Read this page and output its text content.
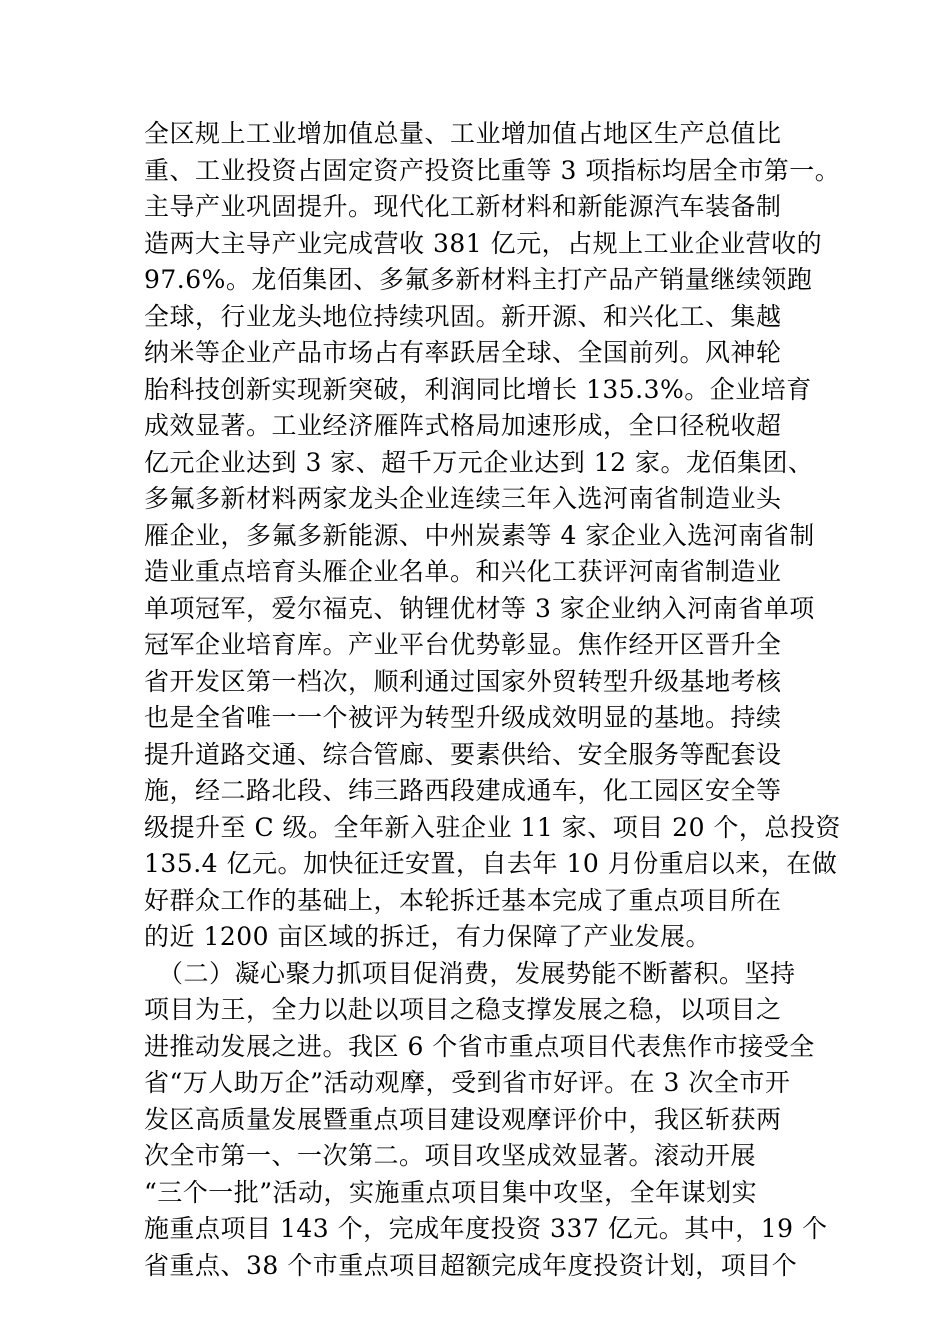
全区规上工业增加值总量、工业增加值占地区生产总值比
重、工业投资占固定资产投资比重等 3 项指标均居全市第一。
主导产业巩固提升。现代化工新材料和新能源汽车装备制
造两大主导产业完成营收 381 亿元，占规上工业企业营收的
97.6%。龙佰集团、多氟多新材料主打产品产销量继续领跑
全球，行业龙头地位持续巩固。新开源、和兴化工、集越
纳米等企业产品市场占有率跃居全球、全国前列。风神轮
胎科技创新实现新突破，利润同比增长 135.3%。企业培育
成效显著。工业经济雁阵式格局加速形成，全口径税收超
亿元企业达到 3 家、超千万元企业达到 12 家。龙佰集团、
多氟多新材料两家龙头企业连续三年入选河南省制造业头
雁企业，多氟多新能源、中州炭素等 4 家企业入选河南省制
造业重点培育头雁企业名单。和兴化工获评河南省制造业
单项冠军，爱尔福克、钠锂优材等 3 家企业纳入河南省单项
冠军企业培育库。产业平台优势彰显。焦作经开区晋升全
省开发区第一档次，顺利通过国家外贸转型升级基地考核
也是全省唯一一个被评为转型升级成效明显的基地。持续
提升道路交通、综合管廊、要素供给、安全服务等配套设
施，经二路北段、纬三路西段建成通车，化工园区安全等
级提升至 C 级。全年新入驻企业 11 家、项目 20 个，总投资
135.4 亿元。加快征迁安置，自去年 10 月份重启以来，在做
好群众工作的基础上，本轮拆迁基本完成了重点项目所在
的近 1200 亩区域的拆迁，有力保障了产业发展。
（二）凝心聚力抓项目促消费，发展势能不断蓄积。坚持
项目为王，全力以赴以项目之稳支撑发展之稳，以项目之
进推动发展之进。我区 6 个省市重点项目代表焦作市接受全
省“万人助万企”活动观摩，受到省市好评。在 3 次全市开
发区高质量发展暨重点项目建设观摩评价中，我区斩获两
次全市第一、一次第二。项目攻坚成效显著。滚动开展
“三个一批”活动，实施重点项目集中攻坚，全年谋划实
施重点项目 143 个，完成年度投资 337 亿元。其中，19 个
省重点、38 个市重点项目超额完成年度投资计划，项目个
